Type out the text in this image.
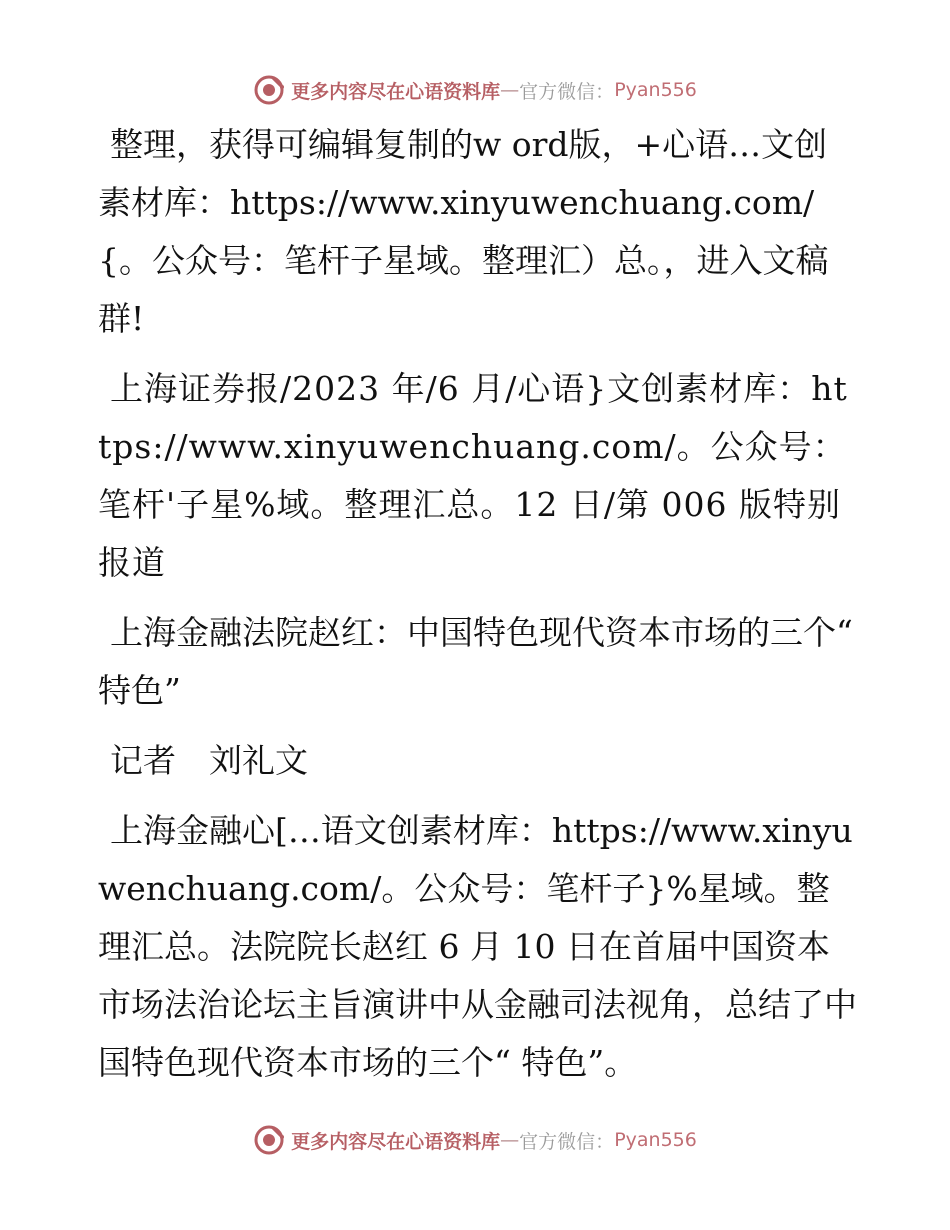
更多内容尽在心语资料库 — 官方微信： Pyan556

整理，获得可编辑复制的w ord版，+心语…文创素材库：https://www.xinyuwenchuang.com/{。公众号：笔杆子星域。整理汇）总。，进入文稿群!

上海证券报/2023 年/6 月/心语}文创素材库：https://www.xinyuwenchuang.com/。公众号：笔杆'子星%域。整理汇总。12 日/第 006 版特别报道

上海金融法院赵红：中国特色现代资本市场的三个“ 特色”

记者　刘礼文

上海金融心[…语文创素材库：https://www.xinyuwenchuang.com/。公众号：笔杆子}%星域。整理汇总。法院院长赵红 6 月 10 日在首届中国资本市场法治论坛主旨演讲中从金融司法视角，总结了中国特色现代资本市场的三个“ 特色”。

更多内容尽在心语资料库 — 官方微信： Pyan556
